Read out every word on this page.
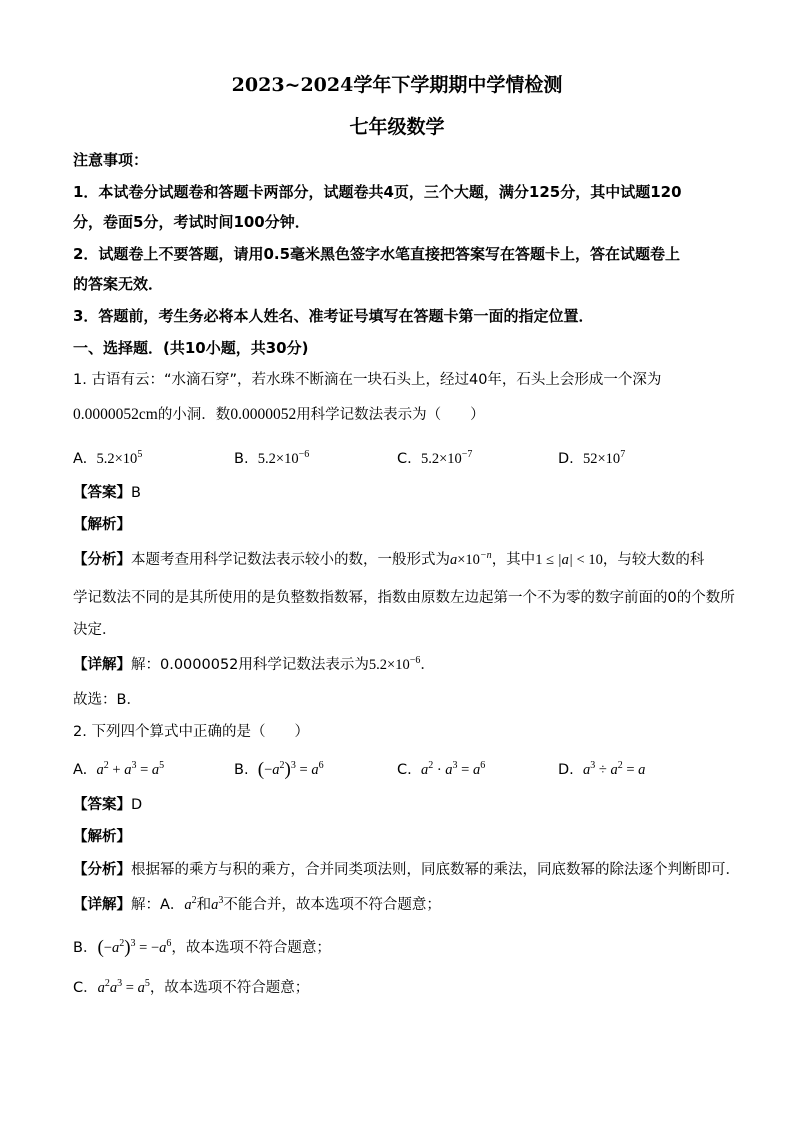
2023~2024学年下学期期中学情检测
七年级数学
注意事项：
1．本试卷分试题卷和答题卡两部分，试题卷共4页，三个大题，满分125分，其中试题120
分，卷面5分，考试时间100分钟．
2．试题卷上不要答题，请用0.5毫米黑色签字水笔直接把答案写在答题卡上，答在试题卷上
的答案无效．
3．答题前，考生务必将本人姓名、准考证号填写在答题卡第一面的指定位置．
一、选择题．(共10小题，共30分)
1. 古语有云：“水滴石穿”，若水珠不断滴在一块石头上，经过40年，石头上会形成一个深为
0.0000052cm的小洞．数0.0000052用科学记数法表示为（　　）
A. $5.2\times 10^5$	B. $5.2\times 10^{-6}$	C. $5.2\times 10^{-7}$	D. $52\times 10^7$
【答案】B
【解析】
【分析】本题考查用科学记数法表示较小的数，一般形式为$a\times 10^{-n}$，其中1 ≤ |a| < 10，与较大数的科
学记数法不同的是其所使用的是负整数指数幂，指数由原数左边起第一个不为零的数字前面的0的个数所
决定．
【详解】解：0.0000052用科学记数法表示为$5.2\times 10^{-6}$．
故选：B．
2. 下列四个算式中正确的是（　　）
A. $a^2 + a^3 = a^5$	B. $(-a^2)^3 = a^6$	C. $a^2 \cdot a^3 = a^6$	D. $a^3 \div a^2 = a$
【答案】D
【解析】
【分析】根据幂的乘方与积的乘方，合并同类项法则，同底数幂的乘法，同底数幂的除法逐个判断即可．
【详解】解：A．$a^2$和$a^3$不能合并，故本选项不符合题意；
B．$(-a^2)^3 = -a^6$，故本选项不符合题意；
C．$a^2a^3 = a^5$，故本选项不符合题意；
